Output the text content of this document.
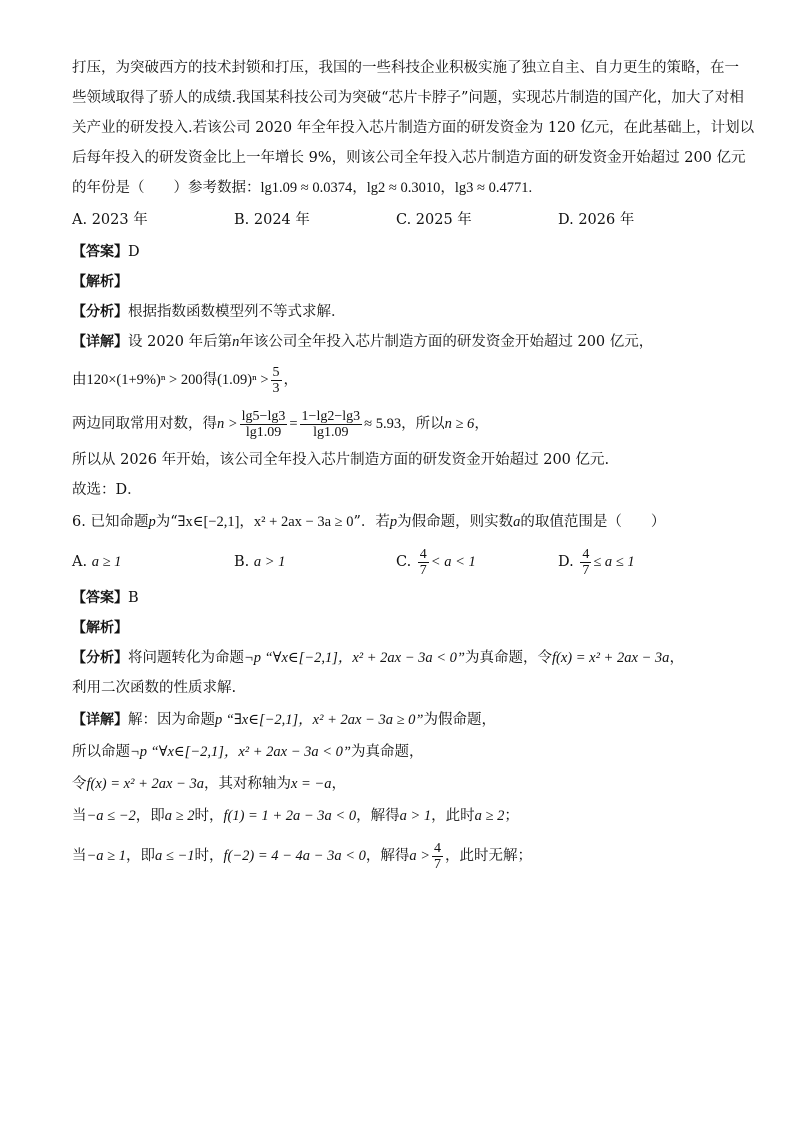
打压，为突破西方的技术封锁和打压，我国的一些科技企业积极实施了独立自主、自力更生的策略，在一

些领域取得了骄人的成绩.我国某科技公司为突破“芯片卡脖子”问题，实现芯片制造的国产化，加大了对相

关产业的研发投入.若该公司 2020 年全年投入芯片制造方面的研发资金为 120 亿元，在此基础上，计划以

后每年投入的研发资金比上一年增长 9%，则该公司全年投入芯片制造方面的研发资金开始超过 200 亿元

的年份是（　　）参考数据：lg1.09 ≈ 0.0374，lg2 ≈ 0.3010，lg3 ≈ 0.4771.

A. 2023 年	B. 2024 年	C. 2025 年	D. 2026 年

【答案】D

【解析】

【分析】根据指数函数模型列不等式求解．

【详解】设 2020 年后第n年该公司全年投入芯片制造方面的研发资金开始超过 200 亿元，

由120×(1+9%)ⁿ > 200得$(1.09)^n > \frac{5}{3}$ ，

两边同取常用对数，得$n > \frac{\lg 5-\lg 3}{\lg 1.09} = \frac{1-\lg 2-\lg 3}{\lg 1.09} \approx 5.93$，所以n ≥ 6，

所以从 2026 年开始，该公司全年投入芯片制造方面的研发资金开始超过 200 亿元.

故选：D．

6. 已知命题p为“∃x∈[−2,1]，x² + 2ax − 3a ≥ 0”．若p为假命题，则实数a的取值范围是（　　）

A. a ≥ 1	B. a > 1	C. $\frac{4}{7} < a < 1$	D. $\frac{4}{7} \le a \le 1$

【答案】B

【解析】

【分析】将问题转化为命题¬p “∀x∈[−2,1]，x² + 2ax − 3a < 0”为真命题，令f(x) = x² + 2ax − 3a，

利用二次函数的性质求解.

【详解】解：因为命题p “∃x∈[−2,1]，x² + 2ax − 3a ≥ 0”为假命题，

所以命题¬p “∀x∈[−2,1]，x² + 2ax − 3a < 0”为真命题，

令f(x) = x² + 2ax − 3a，其对称轴为x = −a，

当−a ≤ −2，即a ≥ 2时，f(1) = 1 + 2a − 3a < 0，解得a > 1，此时a ≥ 2；

当−a ≥ 1，即a ≤ −1时，f(−2) = 4 − 4a − 3a < 0，解得$a > \frac{4}{7}$ ，此时无解；
